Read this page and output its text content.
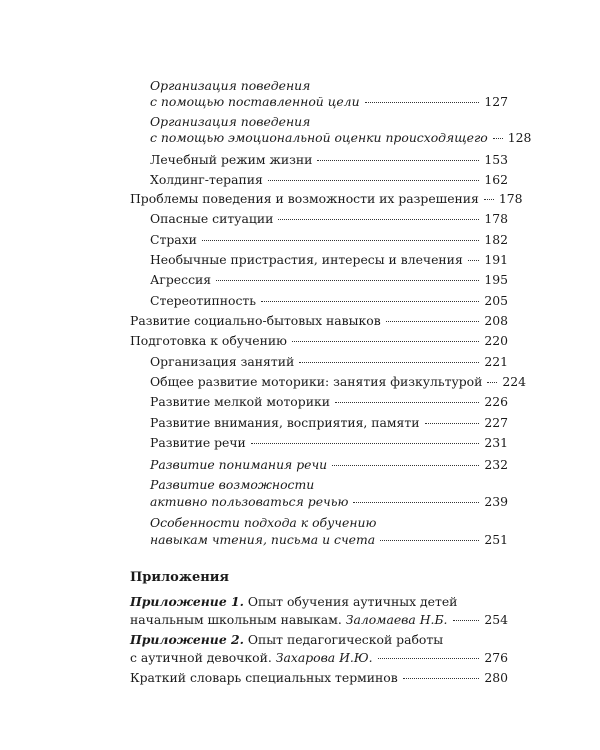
Организация поведения
с помощью поставленной цели	127
Организация поведения
с помощью эмоциональной оценки происходящего 128
Лечебный режим жизни	153
Холдинг-терапия	162
Проблемы поведения и возможности их разрешения 178
Опасные ситуации	178
Страхи	182
Необычные пристрастия, интересы и влечения 191
Агрессия	195
Стереотипность	205
Развитие социально-бытовых навыков	208
Подготовка к обучению	220
Организация занятий	221
Общее развитие моторики: занятия физкультурой 224
Развитие мелкой моторики	226
Развитие внимания, восприятия, памяти	227
Развитие речи	231
Развитие понимания речи	232
Развитие возможности
активно пользоваться речью	239
Особенности подхода к обучению
навыкам чтения, письма и счета	251
Приложения
Приложение 1. Опыт обучения аутичных детей
начальным школьным навыкам. Заломаева Н.Б.	254
Приложение 2. Опыт педагогической работы
с аутичной девочкой. Захарова И.Ю.	276
Краткий словарь специальных терминов	280
